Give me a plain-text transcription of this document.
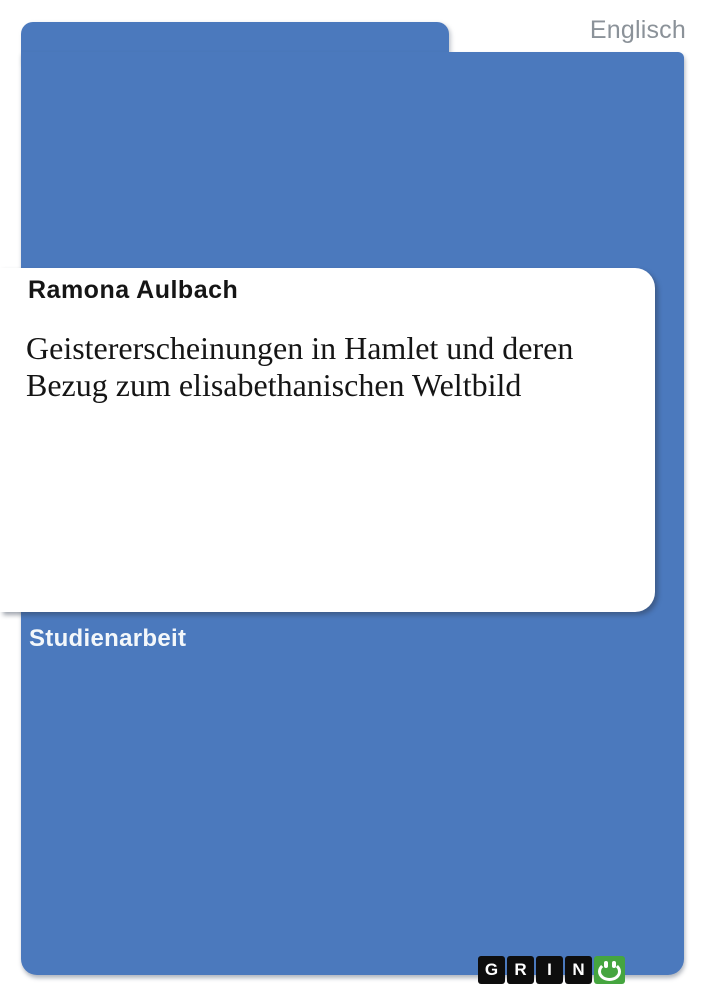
Englisch
Ramona Aulbach
Geistererscheinungen in Hamlet und deren
Bezug zum elisabethanischen Weltbild
Studienarbeit
G R I N
